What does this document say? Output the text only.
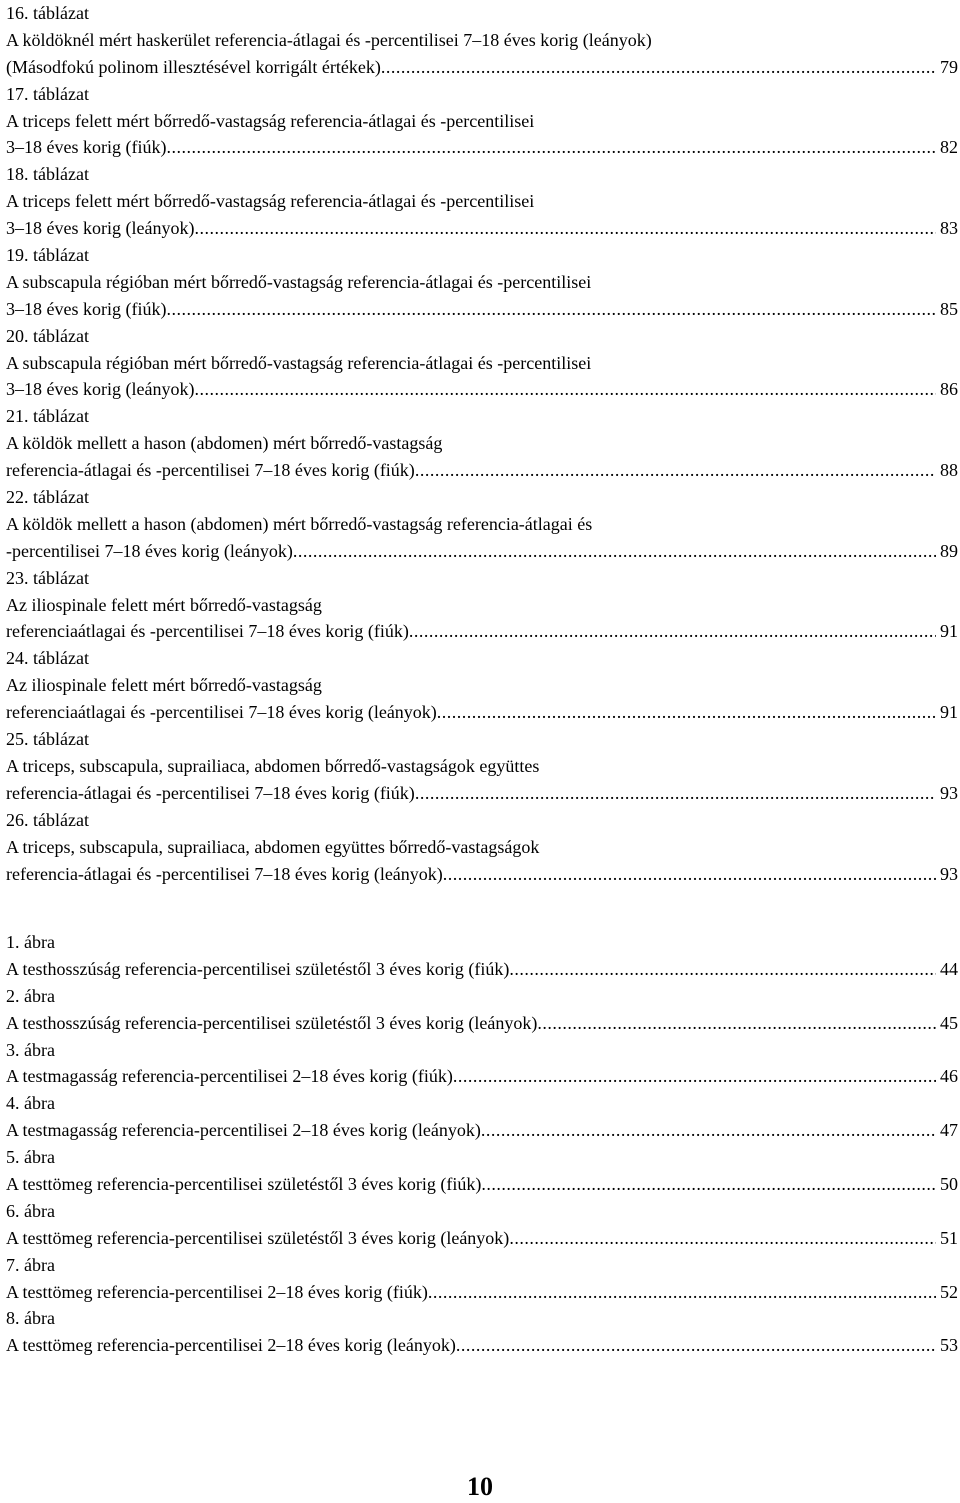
16. táblázat
A köldöknél mért haskerület referencia-átlagai és -percentilisei 7–18 éves korig (leányok)
(Másodfokú polinom illesztésével korrigált értékek) .....	79
17. táblázat
A triceps felett mért bőrredő-vastagság referencia-átlagai és -percentilisei
3–18 éves korig (fiúk) .....	82
18. táblázat
A triceps felett mért bőrredő-vastagság referencia-átlagai és -percentilisei
3–18 éves korig (leányok) .....	83
19. táblázat
A subscapula régióban mért bőrredő-vastagság referencia-átlagai és -percentilisei
3–18 éves korig (fiúk) .....	85
20. táblázat
A subscapula régióban mért bőrredő-vastagság referencia-átlagai és -percentilisei
3–18 éves korig (leányok) .....	86
21. táblázat
A köldök mellett a hason (abdomen) mért bőrredő-vastagság
referencia-átlagai és -percentilisei 7–18 éves korig (fiúk) .....	88
22. táblázat
A köldök mellett a hason (abdomen) mért bőrredő-vastagság referencia-átlagai és
-percentilisei 7–18 éves korig (leányok) .....	89
23. táblázat
Az iliospinale felett mért bőrredő-vastagság
referenciaátlagai és -percentilisei 7–18 éves korig (fiúk) .....	91
24. táblázat
Az iliospinale felett mért bőrredő-vastagság
referenciaátlagai és -percentilisei 7–18 éves korig (leányok) .....	91
25. táblázat
A triceps, subscapula, suprailiaca, abdomen bőrredő-vastagságok együttes
referencia-átlagai és -percentilisei 7–18 éves korig (fiúk) .....	93
26. táblázat
A triceps, subscapula, suprailiaca, abdomen együttes bőrredő-vastagságok
referencia-átlagai és -percentilisei 7–18 éves korig (leányok) .....	93
1. ábra
A testhosszúság referencia-percentilisei születéstől 3 éves korig (fiúk) .....	44
2. ábra
A testhosszúság referencia-percentilisei születéstől 3 éves korig (leányok) .....	45
3. ábra
A testmagasság referencia-percentilisei 2–18 éves korig (fiúk) .....	46
4. ábra
A testmagasság referencia-percentilisei 2–18 éves korig (leányok) .....	47
5. ábra
A testtömeg referencia-percentilisei születéstől 3 éves korig (fiúk) .....	50
6. ábra
A testtömeg referencia-percentilisei születéstől 3 éves korig (leányok) .....	51
7. ábra
A testtömeg referencia-percentilisei 2–18 éves korig (fiúk) .....	52
8. ábra
A testtömeg referencia-percentilisei 2–18 éves korig (leányok) .....	53
10
